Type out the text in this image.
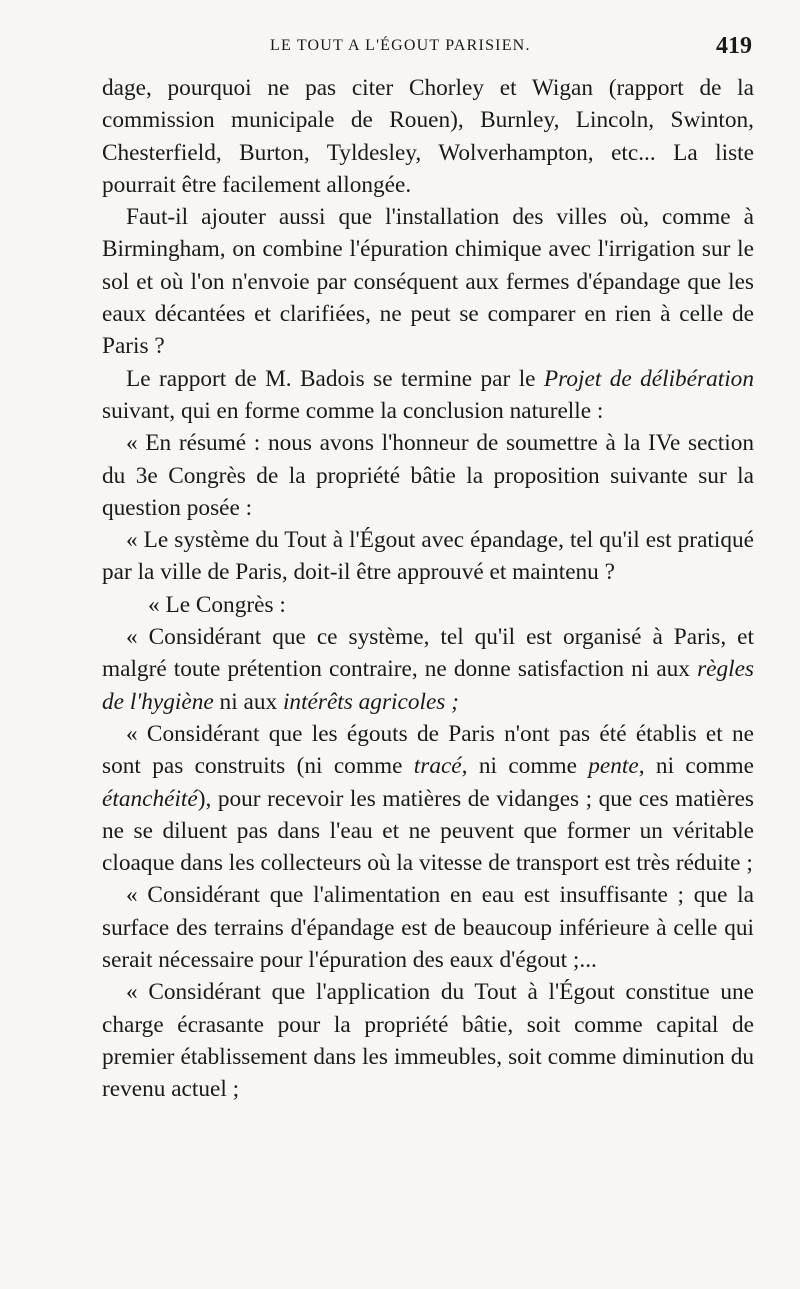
LE TOUT A L'ÉGOUT PARISIEN.	419

dage, pourquoi ne pas citer Chorley et Wigan (rapport de la commission municipale de Rouen), Burnley, Lincoln, Swinton, Chesterfield, Burton, Tyldesley, Wolverhampton, etc... La liste pourrait être facilement allongée.

Faut-il ajouter aussi que l'installation des villes où, comme à Birmingham, on combine l'épuration chimique avec l'irrigation sur le sol et où l'on n'envoie par conséquent aux fermes d'épandage que les eaux décantées et clarifiées, ne peut se comparer en rien à celle de Paris ?

Le rapport de M. Badois se termine par le Projet de délibération suivant, qui en forme comme la conclusion naturelle :

« En résumé : nous avons l'honneur de soumettre à la IVe section du 3e Congrès de la propriété bâtie la proposition suivante sur la question posée :

« Le système du Tout à l'Égout avec épandage, tel qu'il est pratiqué par la ville de Paris, doit-il être approuvé et maintenu ?

« Le Congrès :

« Considérant que ce système, tel qu'il est organisé à Paris, et malgré toute prétention contraire, ne donne satisfaction ni aux règles de l'hygiène ni aux intérêts agricoles ;

« Considérant que les égouts de Paris n'ont pas été établis et ne sont pas construits (ni comme tracé, ni comme pente, ni comme étanchéité), pour recevoir les matières de vidanges ; que ces matières ne se diluent pas dans l'eau et ne peuvent que former un véritable cloaque dans les collecteurs où la vitesse de transport est très réduite ;

« Considérant que l'alimentation en eau est insuffisante ; que la surface des terrains d'épandage est de beaucoup inférieure à celle qui serait nécessaire pour l'épuration des eaux d'égout ;...

« Considérant que l'application du Tout à l'Égout constitue une charge écrasante pour la propriété bâtie, soit comme capital de premier établissement dans les immeubles, soit comme diminution du revenu actuel ;
